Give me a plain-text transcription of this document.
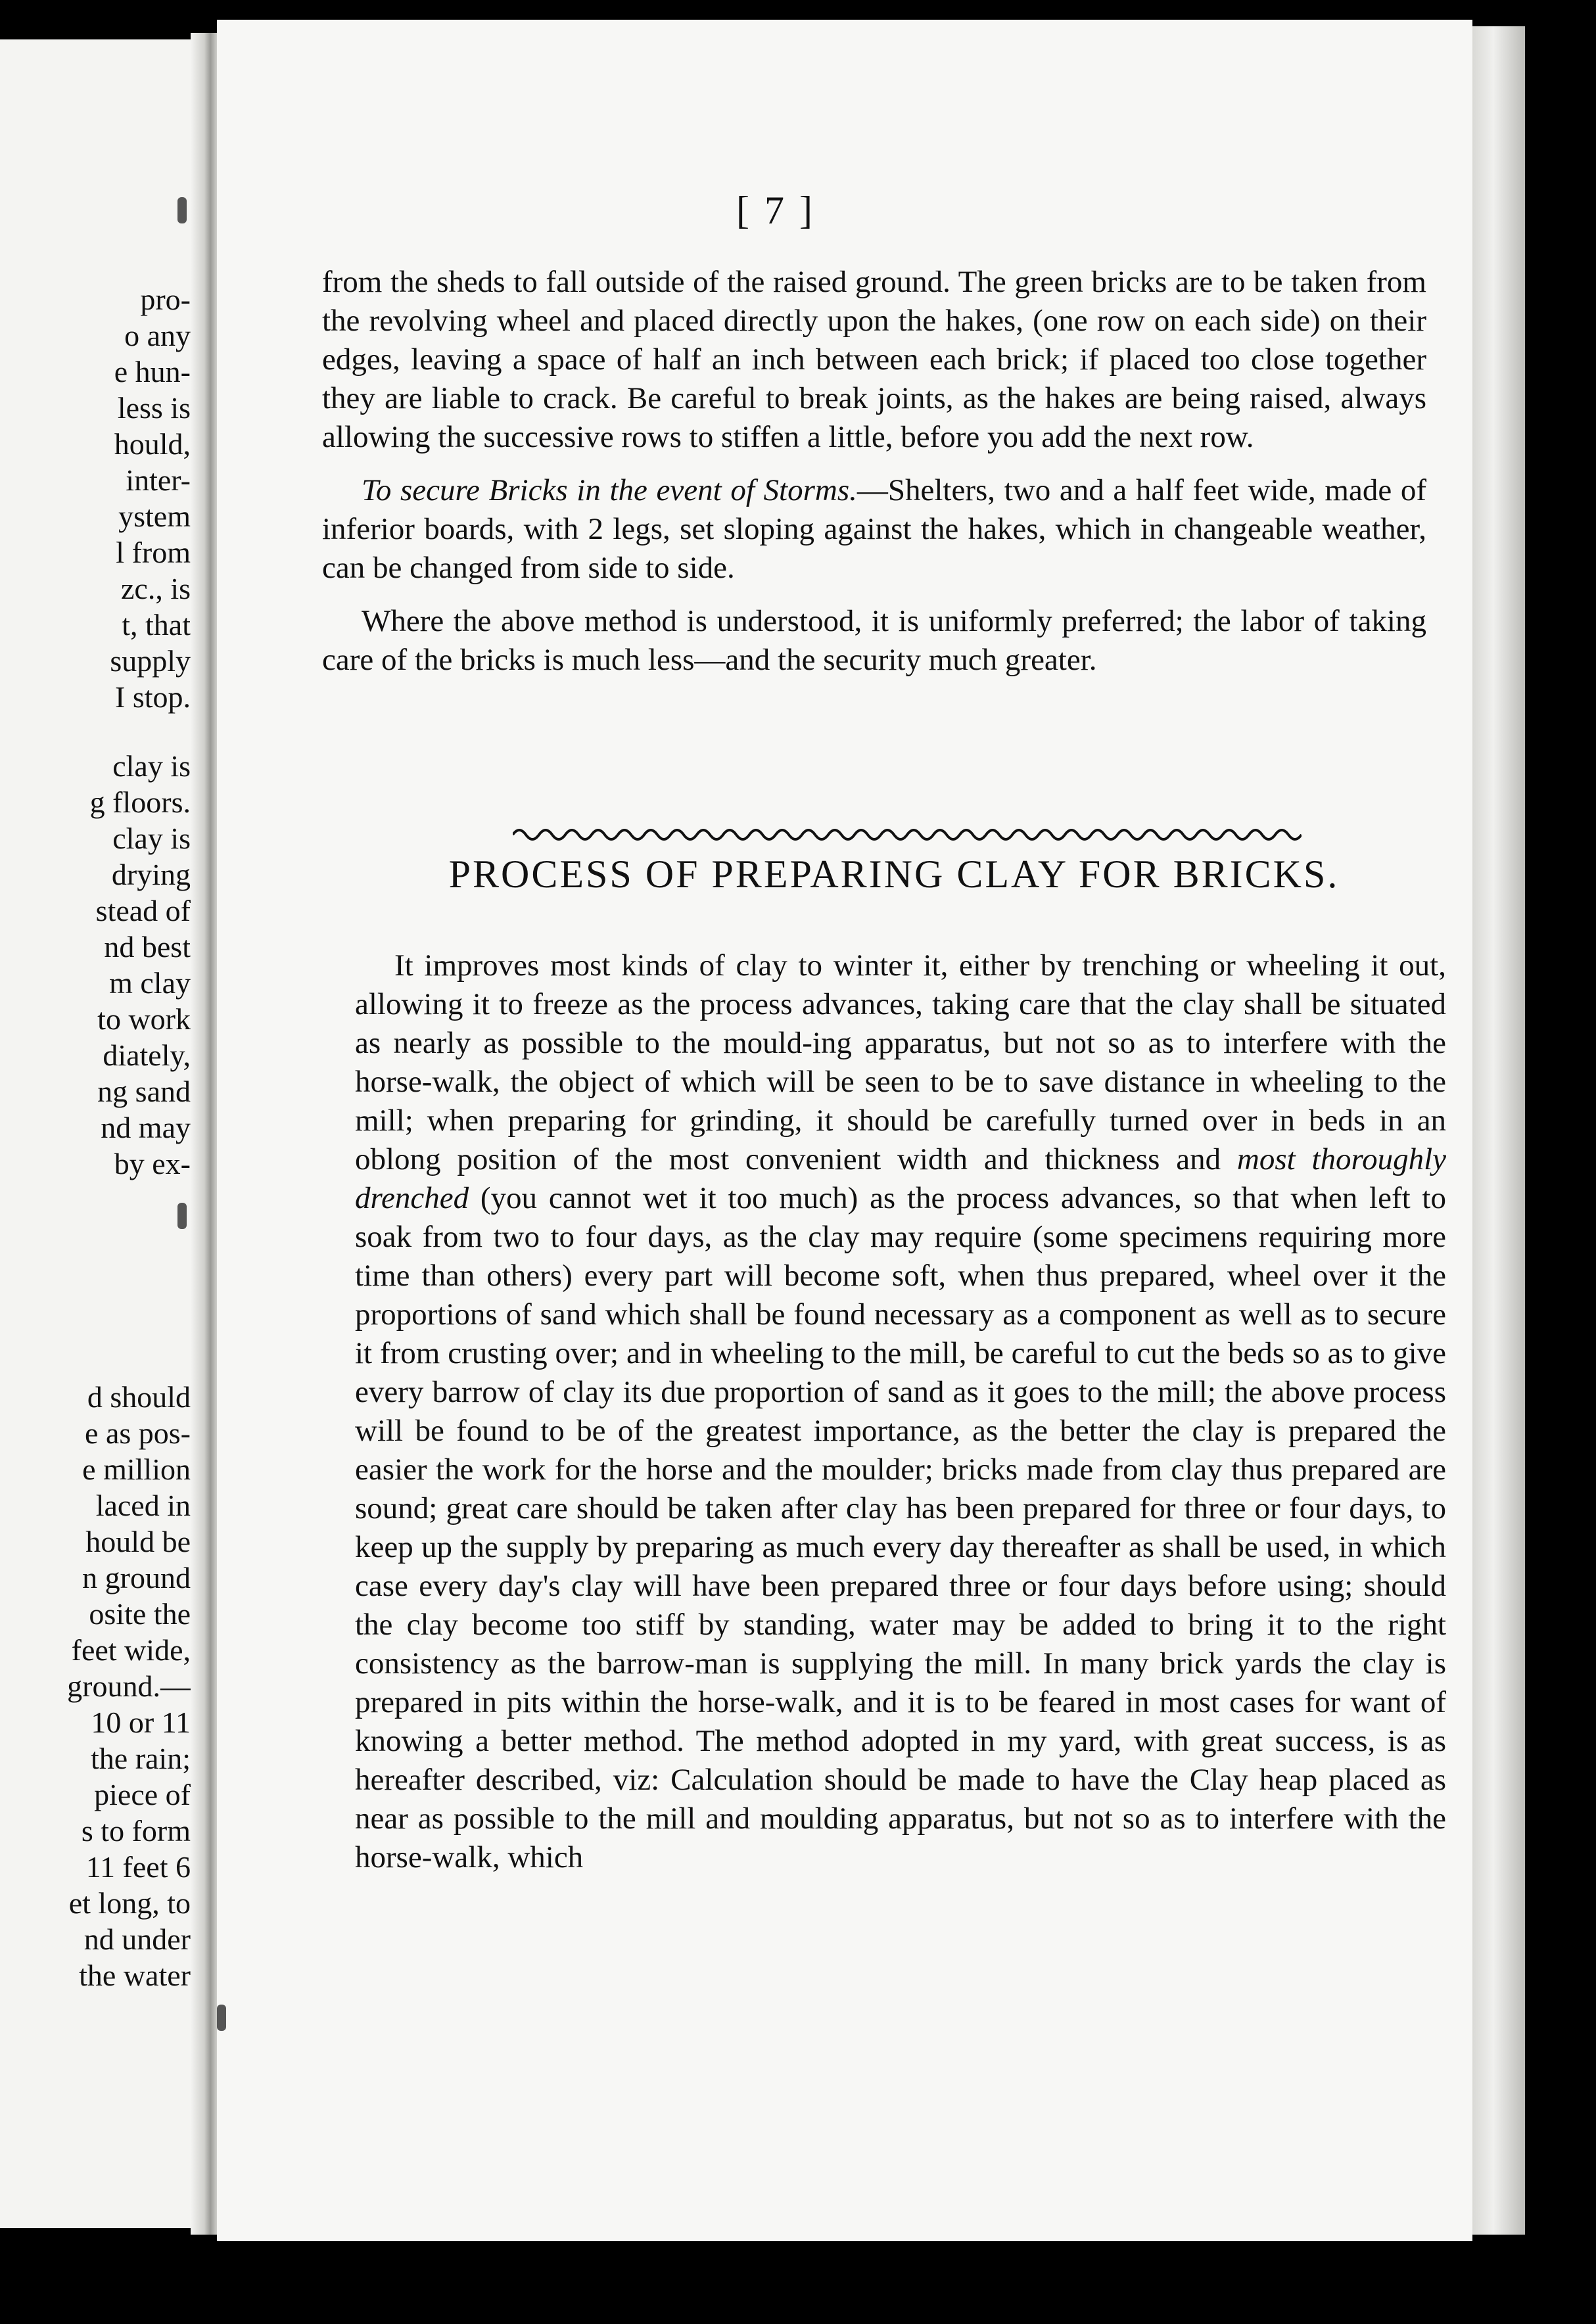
pro-
o any
e hun-
less is
hould,
inter-
ystem
l from
zc., is
t, that
supply
I stop.
clay is
g floors.
clay is
drying
stead of
nd best
m clay
to work
diately,
ng sand
nd may
by ex-
d should
e as pos-
e million
laced in
hould be
n ground
osite the
feet wide,
ground.—
10 or 11
the rain;
piece of
s to form
11 feet 6
et long, to
nd under
the water
[ 7 ]

from the sheds to fall outside of the raised ground. The green bricks are to be taken from the revolving wheel and placed directly upon the hakes, (one row on each side) on their edges, leaving a space of half an inch between each brick; if placed too close together they are liable to crack. Be careful to break joints, as the hakes are being raised, always allowing the successive rows to stiffen a little, before you add the next row.

To secure Bricks in the event of Storms.—Shelters, two and a half feet wide, made of inferior boards, with 2 legs, set sloping against the hakes, which in changeable weather, can be changed from side to side.

Where the above method is understood, it is uniformly preferred; the labor of taking care of the bricks is much less—and the security much greater.

PROCESS OF PREPARING CLAY FOR BRICKS.

It improves most kinds of clay to winter it, either by trenching or wheeling it out, allowing it to freeze as the process advances, taking care that the clay shall be situated as nearly as possible to the mould-ing apparatus, but not so as to interfere with the horse-walk, the object of which will be seen to be to save distance in wheeling to the mill; when preparing for grinding, it should be carefully turned over in beds in an oblong position of the most convenient width and thickness and most thoroughly drenched (you cannot wet it too much) as the process advances, so that when left to soak from two to four days, as the clay may require (some specimens requiring more time than others) every part will become soft, when thus prepared, wheel over it the proportions of sand which shall be found necessary as a component as well as to secure it from crusting over; and in wheeling to the mill, be careful to cut the beds so as to give every barrow of clay its due proportion of sand as it goes to the mill; the above process will be found to be of the greatest importance, as the better the clay is prepared the easier the work for the horse and the moulder; bricks made from clay thus prepared are sound; great care should be taken after clay has been prepared for three or four days, to keep up the supply by preparing as much every day thereafter as shall be used, in which case every day's clay will have been prepared three or four days before using; should the clay become too stiff by standing, water may be added to bring it to the right consistency as the barrow-man is supplying the mill. In many brick yards the clay is prepared in pits within the horse-walk, and it is to be feared in most cases for want of knowing a better method. The method adopted in my yard, with great success, is as hereafter described, viz: Calculation should be made to have the Clay heap placed as near as possible to the mill and moulding apparatus, but not so as to interfere with the horse-walk, which
